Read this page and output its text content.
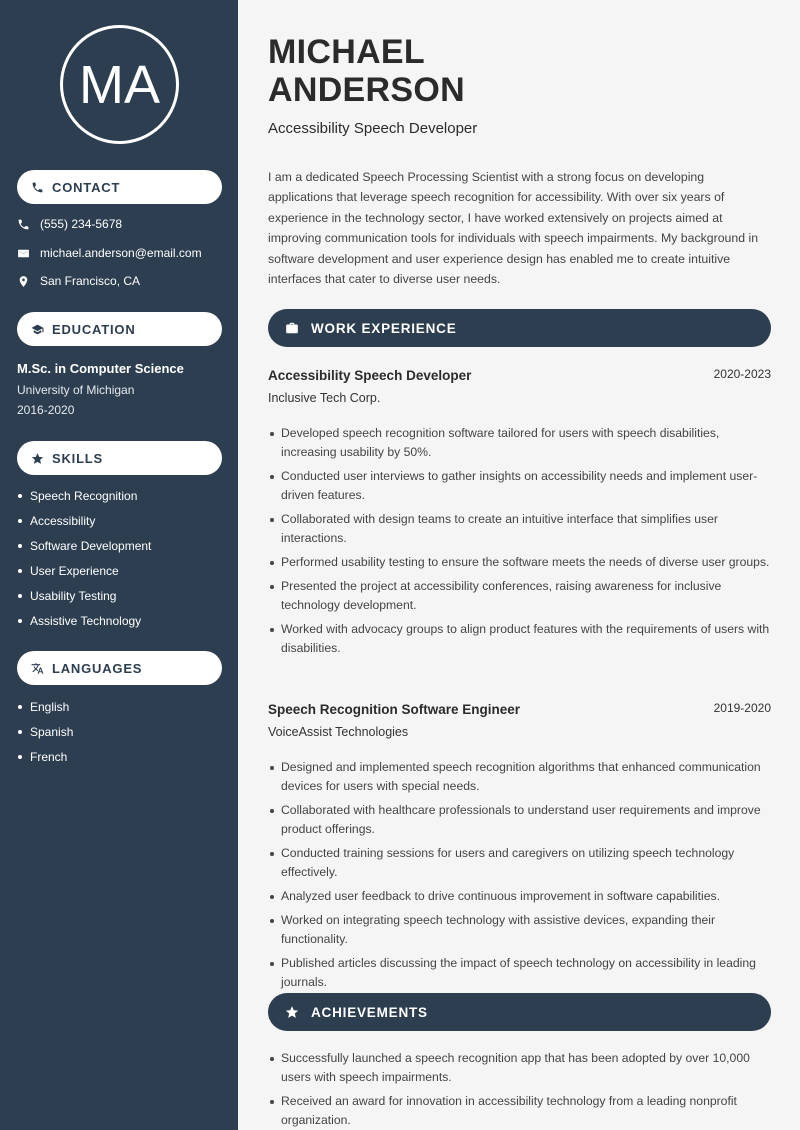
MA
CONTACT
(555) 234-5678
michael.anderson@email.com
San Francisco, CA
EDUCATION
M.Sc. in Computer Science
University of Michigan
2016-2020
SKILLS
Speech Recognition
Accessibility
Software Development
User Experience
Usability Testing
Assistive Technology
LANGUAGES
English
Spanish
French
MICHAEL
ANDERSON
Accessibility Speech Developer

I am a dedicated Speech Processing Scientist with a strong focus on developing applications that leverage speech recognition for accessibility. With over six years of experience in the technology sector, I have worked extensively on projects aimed at improving communication tools for individuals with speech impairments. My background in software development and user experience design has enabled me to create intuitive interfaces that cater to diverse user needs.

WORK EXPERIENCE
Accessibility Speech Developer	2020-2023
Inclusive Tech Corp.
Developed speech recognition software tailored for users with speech disabilities, increasing usability by 50%.
Conducted user interviews to gather insights on accessibility needs and implement user-driven features.
Collaborated with design teams to create an intuitive interface that simplifies user interactions.
Performed usability testing to ensure the software meets the needs of diverse user groups.
Presented the project at accessibility conferences, raising awareness for inclusive technology development.
Worked with advocacy groups to align product features with the requirements of users with disabilities.
Speech Recognition Software Engineer	2019-2020
VoiceAssist Technologies
Designed and implemented speech recognition algorithms that enhanced communication devices for users with special needs.
Collaborated with healthcare professionals to understand user requirements and improve product offerings.
Conducted training sessions for users and caregivers on utilizing speech technology effectively.
Analyzed user feedback to drive continuous improvement in software capabilities.
Worked on integrating speech technology with assistive devices, expanding their functionality.
Published articles discussing the impact of speech technology on accessibility in leading journals.
ACHIEVEMENTS
Successfully launched a speech recognition app that has been adopted by over 10,000 users with speech impairments.
Received an award for innovation in accessibility technology from a leading nonprofit organization.
